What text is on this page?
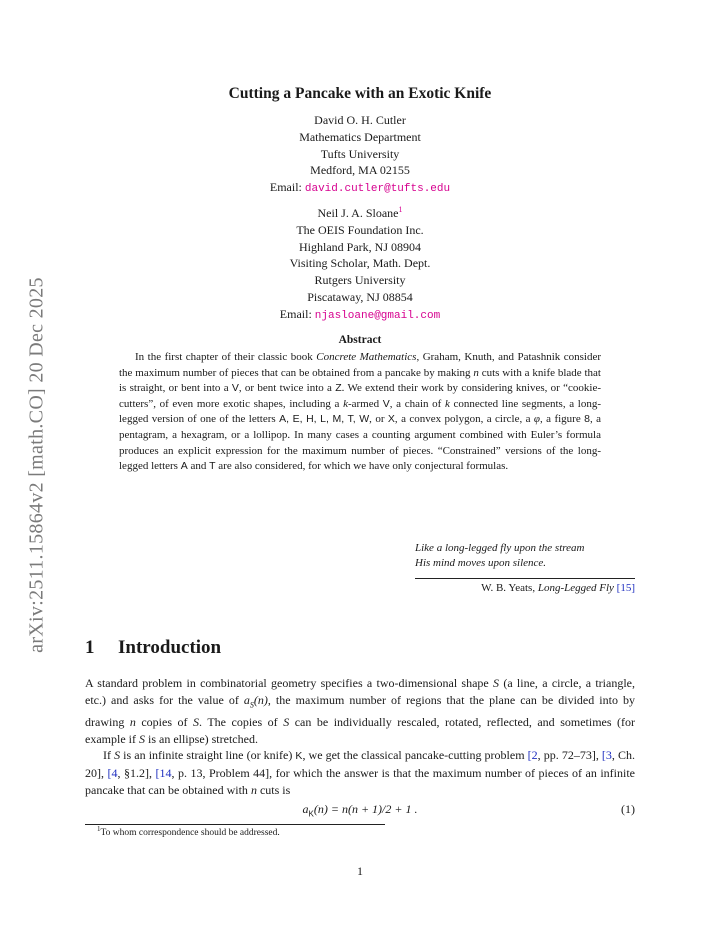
arXiv:2511.15864v2 [math.CO] 20 Dec 2025
Cutting a Pancake with an Exotic Knife
David O. H. Cutler
Mathematics Department
Tufts University
Medford, MA 02155
Email: david.cutler@tufts.edu
Neil J. A. Sloane$^1$
The OEIS Foundation Inc.
Highland Park, NJ 08904
Visiting Scholar, Math. Dept.
Rutgers University
Piscataway, NJ 08854
Email: njasloane@gmail.com
Abstract

In the first chapter of their classic book Concrete Mathematics, Graham, Knuth, and Patashnik consider the maximum number of pieces that can be obtained from a pancake by making n cuts with a knife blade that is straight, or bent into a V, or bent twice into a Z. We extend their work by considering knives, or “cookie-cutters”, of even more exotic shapes, including a k-armed V, a chain of k connected line segments, a long-legged version of one of the letters A, E, H, L, M, T, W, or X, a convex polygon, a circle, a φ, a figure 8, a pentagram, a hexagram, or a lollipop. In many cases a counting argument combined with Euler’s formula produces an explicit expression for the maximum number of pieces. “Constrained” versions of the long-legged letters A and T are also considered, for which we have only conjectural formulas.

Like a long-legged fly upon the stream
His mind moves upon silence.
W. B. Yeats, Long-Legged Fly [15]
1 Introduction

A standard problem in combinatorial geometry specifies a two-dimensional shape S (a line, a circle, a triangle, etc.) and asks for the value of $a_S(n)$, the maximum number of regions that the plane can be divided into by drawing n copies of S. The copies of S can be individually rescaled, rotated, reflected, and sometimes (for example if S is an ellipse) stretched.

If S is an infinite straight line (or knife) K, we get the classical pancake-cutting problem [2, pp. 72–73], [3, Ch. 20], [4, §1.2], [14, p. 13, Problem 44], for which the answer is that the maximum number of pieces of an infinite pancake that can be obtained with n cuts is

$a_K(n) = n(n + 1)/2 + 1$ .	(1)
$^1$To whom correspondence should be addressed.
1
